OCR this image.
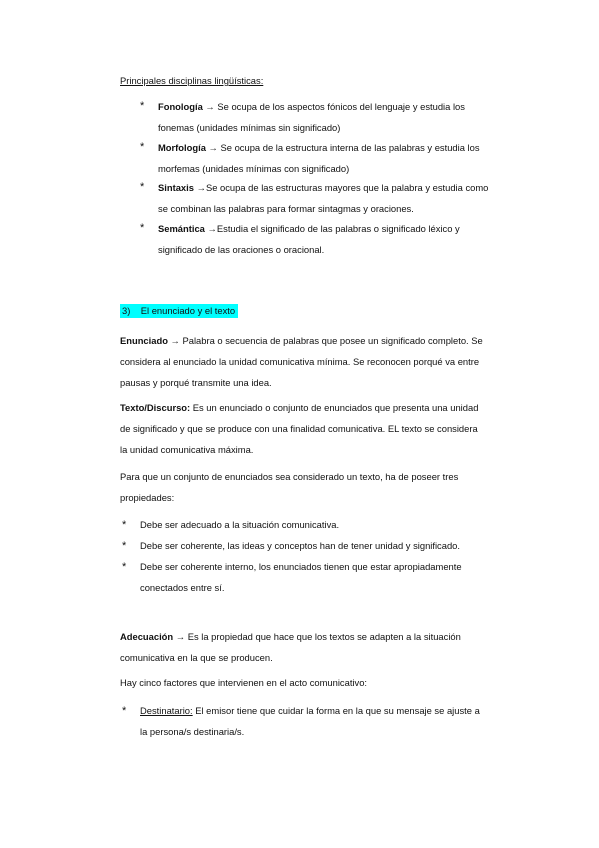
Principales disciplinas lingüísticas:
* Fonología → Se ocupa de los aspectos fónicos del lenguaje y estudia los
fonemas (unidades mínimas sin significado)
* Morfología → Se ocupa de la estructura interna de las palabras y estudia los
morfemas (unidades mínimas con significado)
* Sintaxis →Se ocupa de las estructuras mayores que la palabra y estudia como
se combinan las palabras para formar sintagmas y oraciones.
* Semántica →Estudia el significado de las palabras o significado léxico y
significado de las oraciones o oracional.
3) El enunciado y el texto
Enunciado → Palabra o secuencia de palabras que posee un significado completo. Se
considera al enunciado la unidad comunicativa mínima. Se reconocen porqué va entre
pausas y porqué transmite una idea.
Texto/Discurso: Es un enunciado o conjunto de enunciados que presenta una unidad
de significado y que se produce con una finalidad comunicativa. EL texto se considera
la unidad comunicativa máxima.
Para que un conjunto de enunciados sea considerado un texto, ha de poseer tres
propiedades:
* Debe ser adecuado a la situación comunicativa.
* Debe ser coherente, las ideas y conceptos han de tener unidad y significado.
* Debe ser coherente interno, los enunciados tienen que estar apropiadamente
conectados entre sí.
Adecuación → Es la propiedad que hace que los textos se adapten a la situación
comunicativa en la que se producen.
Hay cinco factores que intervienen en el acto comunicativo:
* Destinatario: El emisor tiene que cuidar la forma en la que su mensaje se ajuste a
la persona/s destinaria/s.
